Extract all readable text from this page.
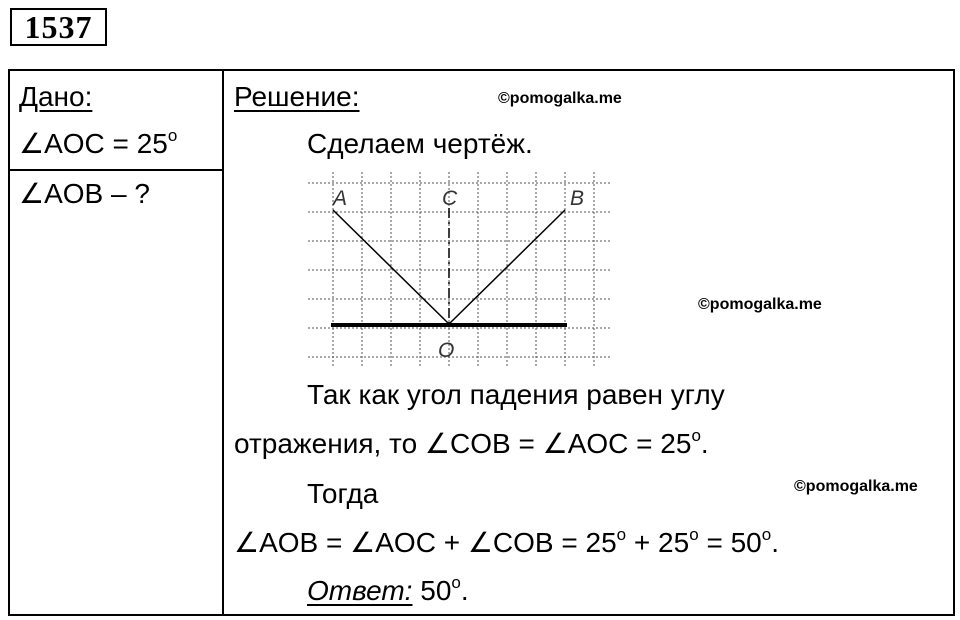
1537
Дано:
∠AOC = $25^o$
∠AOB – ?
Решение:
Сделаем чертёж.
A	C	B
O
Так как угол падения равен углу
отражения, то ∠COB = ∠AOC = $25^o$.
Тогда
∠AOB = ∠AOC + ∠COB = $25^o + 25^o = 50^o$.
Ответ: 50$^o$.
©pomogalka.me
©pomogalka.me
©pomogalka.me
